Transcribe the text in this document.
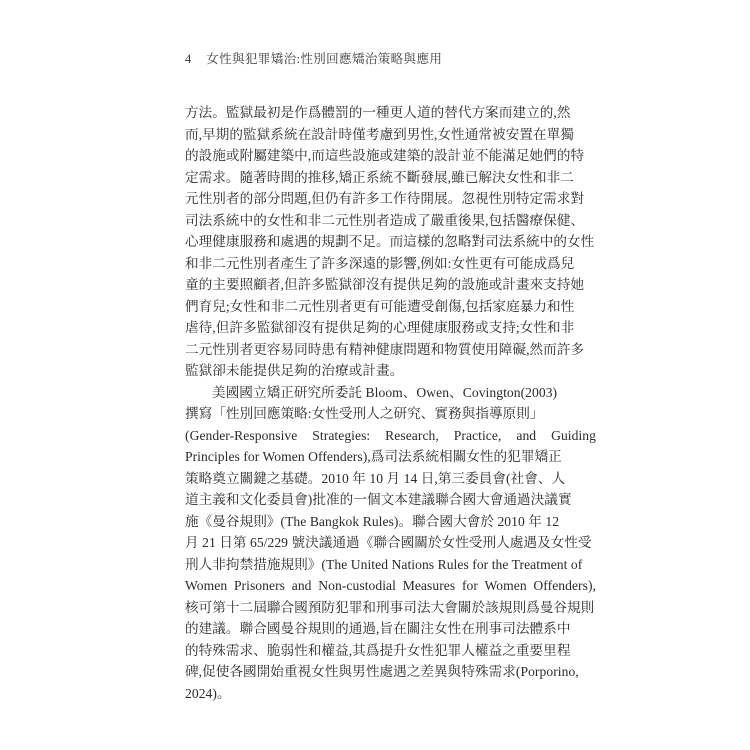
4 女性與犯罪矯治:性別回應矯治策略與應用
方法。監獄最初是作爲體罰的一種更人道的替代方案而建立的,然
而,早期的監獄系統在設計時僅考慮到男性,女性通常被安置在單獨
的設施或附屬建築中,而這些設施或建築的設計並不能滿足她們的特
定需求。隨著時間的推移,矯正系統不斷發展,雖已解決女性和非二
元性別者的部分問題,但仍有許多工作待開展。忽視性別特定需求對
司法系統中的女性和非二元性別者造成了嚴重後果,包括醫療保健、
心理健康服務和處遇的規劃不足。而這樣的忽略對司法系統中的女性
和非二元性別者產生了許多深遠的影響,例如:女性更有可能成爲兒
童的主要照顧者,但許多監獄卻沒有提供足夠的設施或計畫來支持她
們育兒;女性和非二元性別者更有可能遭受創傷,包括家庭暴力和性
虐待,但許多監獄卻沒有提供足夠的心理健康服務或支持;女性和非
二元性別者更容易同時患有精神健康問題和物質使用障礙,然而許多
監獄卻未能提供足夠的治療或計畫。
美國國立矯正研究所委託 Bloom、Owen、Covington(2003)
撰寫「性別回應策略:女性受刑人之研究、實務與指導原則」
(Gender-Responsive Strategies: Research, Practice, and Guiding
Principles for Women Offenders),爲司法系統相關女性的犯罪矯正
策略奠立關鍵之基礎。2010 年 10 月 14 日,第三委員會(社會、人
道主義和文化委員會)批准的一個文本建議聯合國大會通過決議實
施《曼谷規則》(The Bangkok Rules)。聯合國大會於 2010 年 12
月 21 日第 65/229 號決議通過《聯合國關於女性受刑人處遇及女性受
刑人非拘禁措施規則》(The United Nations Rules for the Treatment of
Women Prisoners and Non-custodial Measures for Women Offenders),
核可第十二屆聯合國預防犯罪和刑事司法大會關於該規則爲曼谷規則
的建議。聯合國曼谷規則的通過,旨在關注女性在刑事司法體系中
的特殊需求、脆弱性和權益,其爲提升女性犯罪人權益之重要里程
碑,促使各國開始重視女性與男性處遇之差異與特殊需求(Porporino,
2024)。
